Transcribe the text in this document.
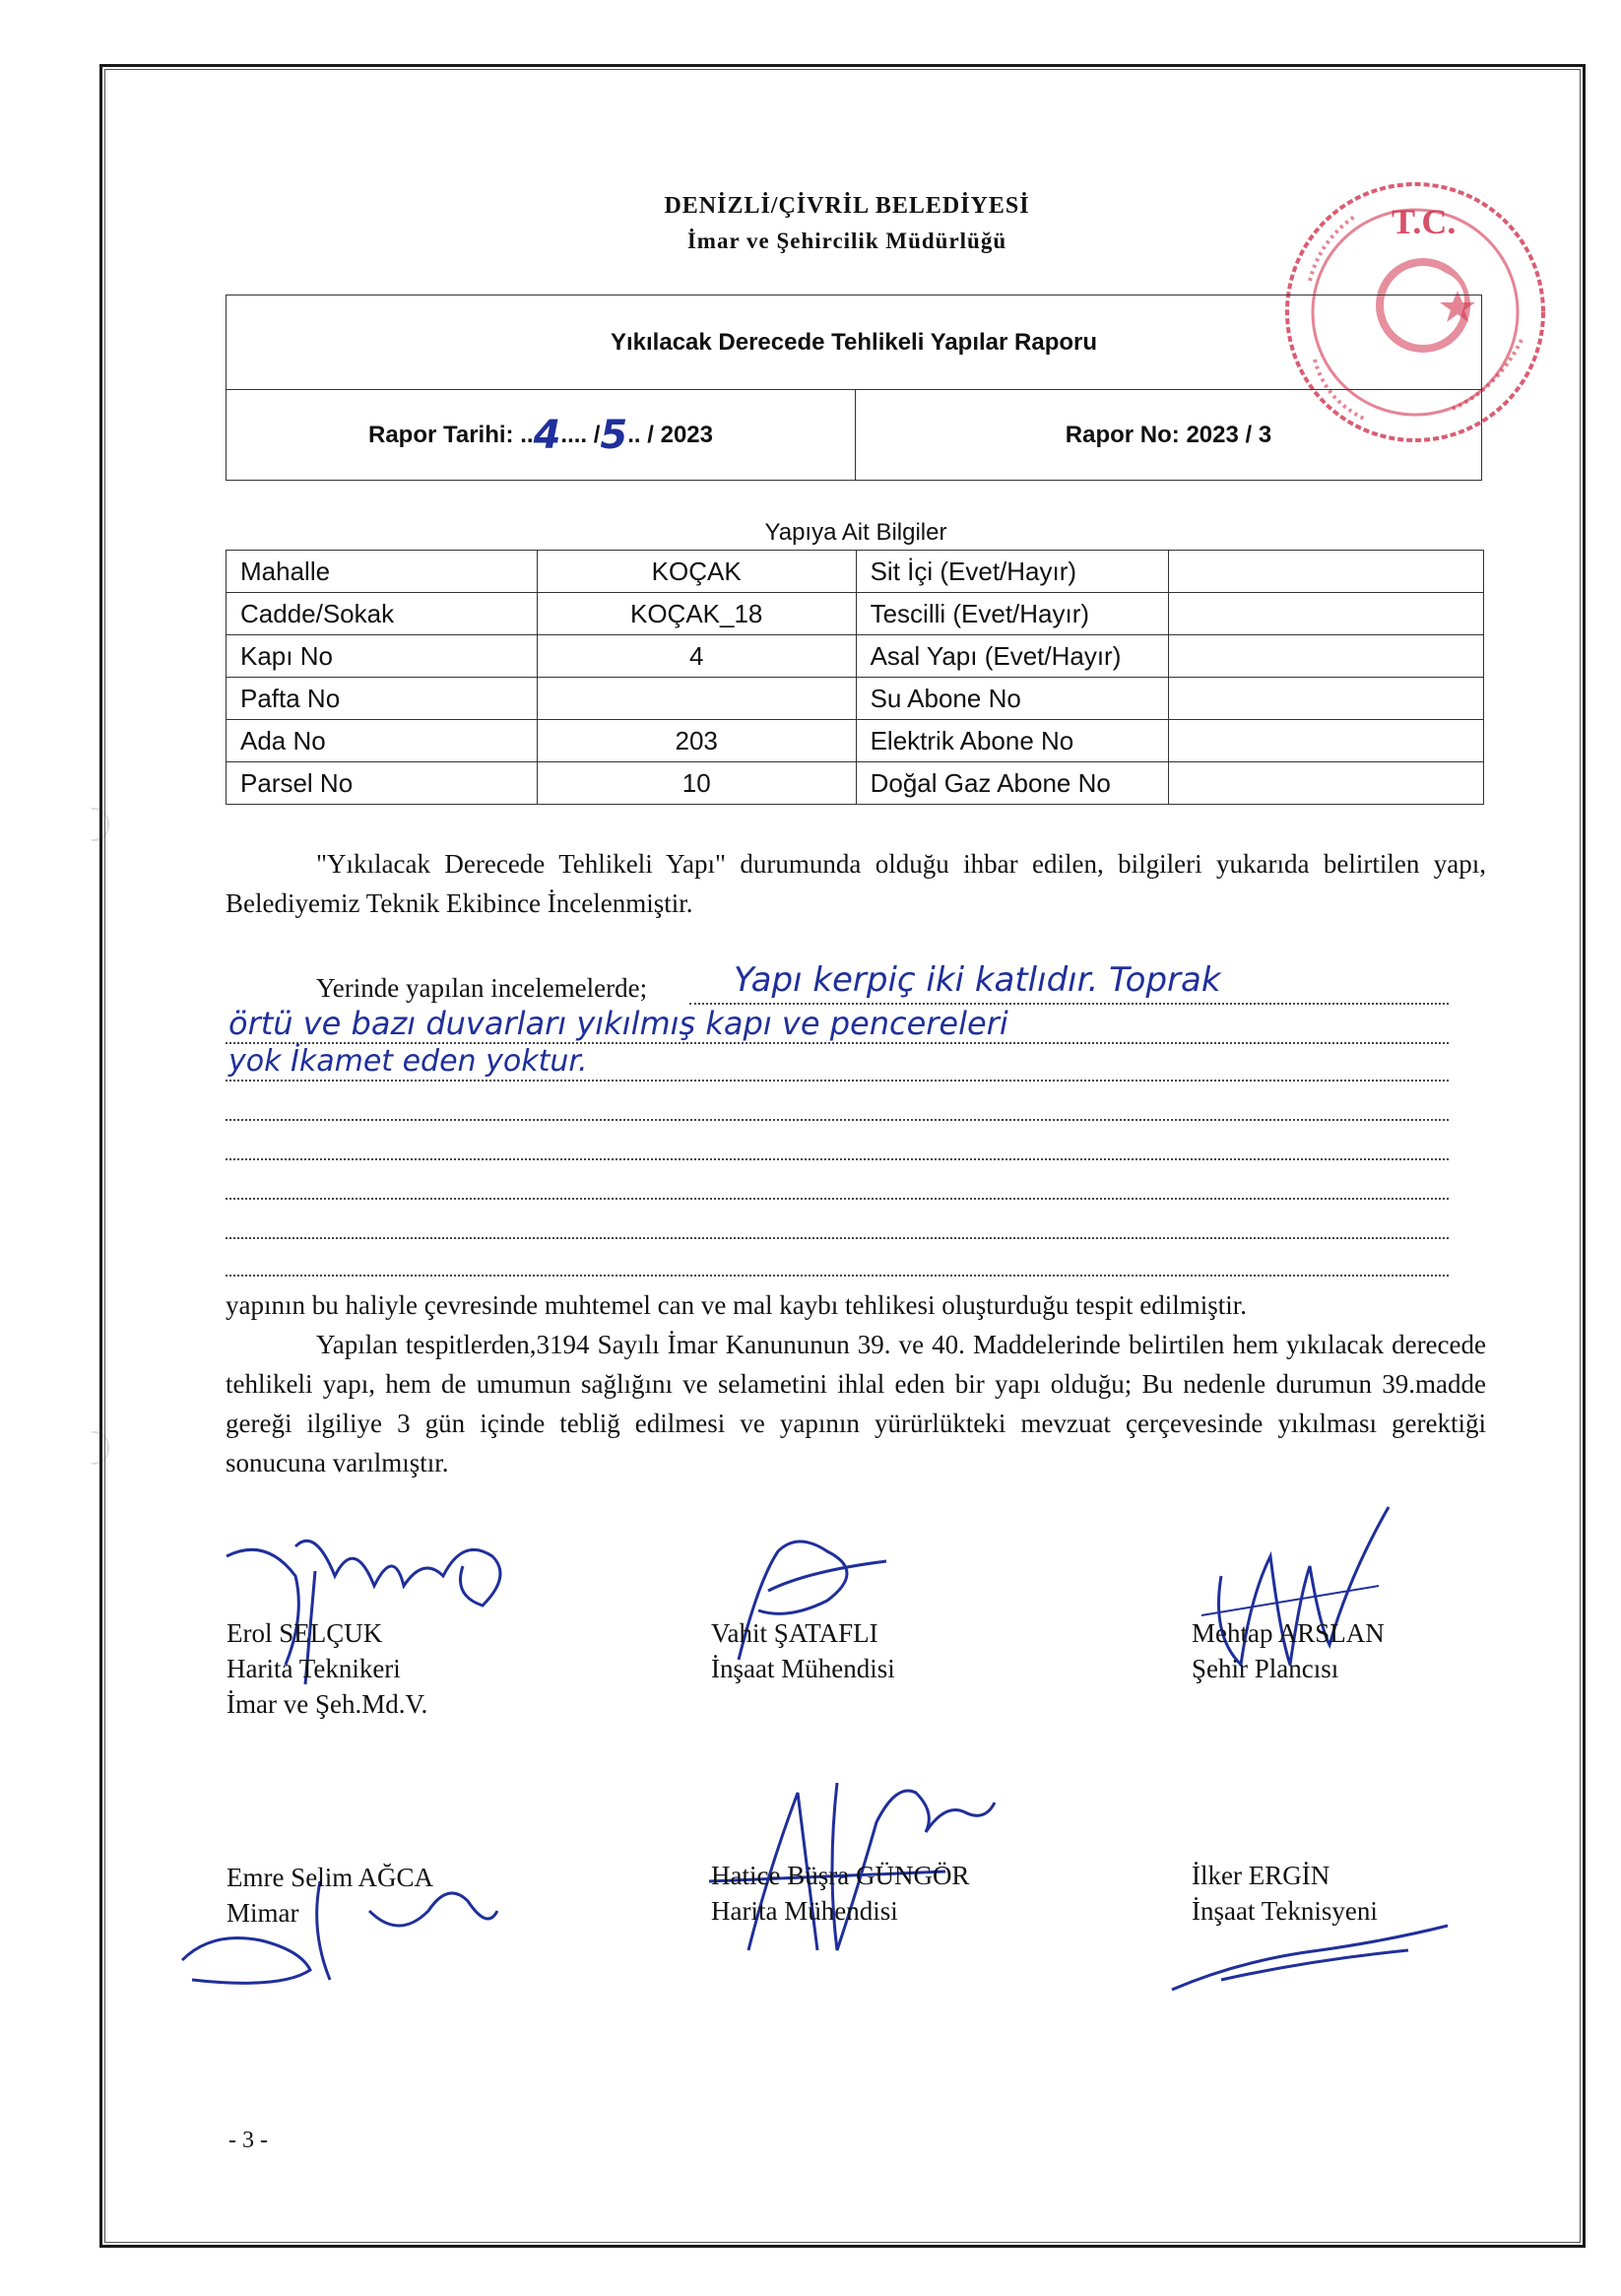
DENİZLİ/ÇİVRİL BELEDİYESİ
İmar ve Şehircilik Müdürlüğü	T.C.
Yıkılacak Derecede Tehlikeli Yapılar Raporu
Rapor Tarihi: .. 4 .... / 5 .. / 2023	Rapor No: 2023 / 3
Yapıya Ait Bilgiler
Mahalle	KOÇAK	Sit İçi (Evet/Hayır)	
Cadde/Sokak	KOÇAK_18	Tescilli (Evet/Hayır)	
Kapı No	4	Asal Yapı (Evet/Hayır)	
Pafta No		Su Abone No	
Ada No	203	Elektrik Abone No	
Parsel No	10	Doğal Gaz Abone No	
"Yıkılacak Derecede Tehlikeli Yapı" durumunda olduğu ihbar edilen, bilgileri yukarıda belirtilen yapı, Belediyemiz Teknik Ekibince İncelenmiştir.
Yerinde yapılan incelemelerde;	Yapı kerpiç iki katlıdır. Toprak
örtü ve bazı duvarları yıkılmış kapı ve pencereleri
yok İkamet eden yoktur.
yapının bu haliyle çevresinde muhtemel can ve mal kaybı tehlikesi oluşturduğu tespit edilmiştir.
Yapılan tespitlerden,3194 Sayılı İmar Kanununun 39. ve 40. Maddelerinde belirtilen hem yıkılacak derecede tehlikeli yapı, hem de umumun sağlığını ve selametini ihlal eden bir yapı olduğu; Bu nedenle durumun 39.madde gereği ilgiliye 3 gün içinde tebliğ edilmesi ve yapının yürürlükteki mevzuat çerçevesinde yıkılması gerektiği sonucuna varılmıştır.
Erol SELÇUK
Harita Teknikeri
İmar ve Şeh.Md.V.
Vahit ŞATAFLI
İnşaat Mühendisi
Mehtap ARSLAN
Şehir Plancısı
Emre Selim AĞCA
Mimar
Hatice Büşra GÜNGÖR
Harita Mühendisi
İlker ERGİN
İnşaat Teknisyeni
- 3 -
